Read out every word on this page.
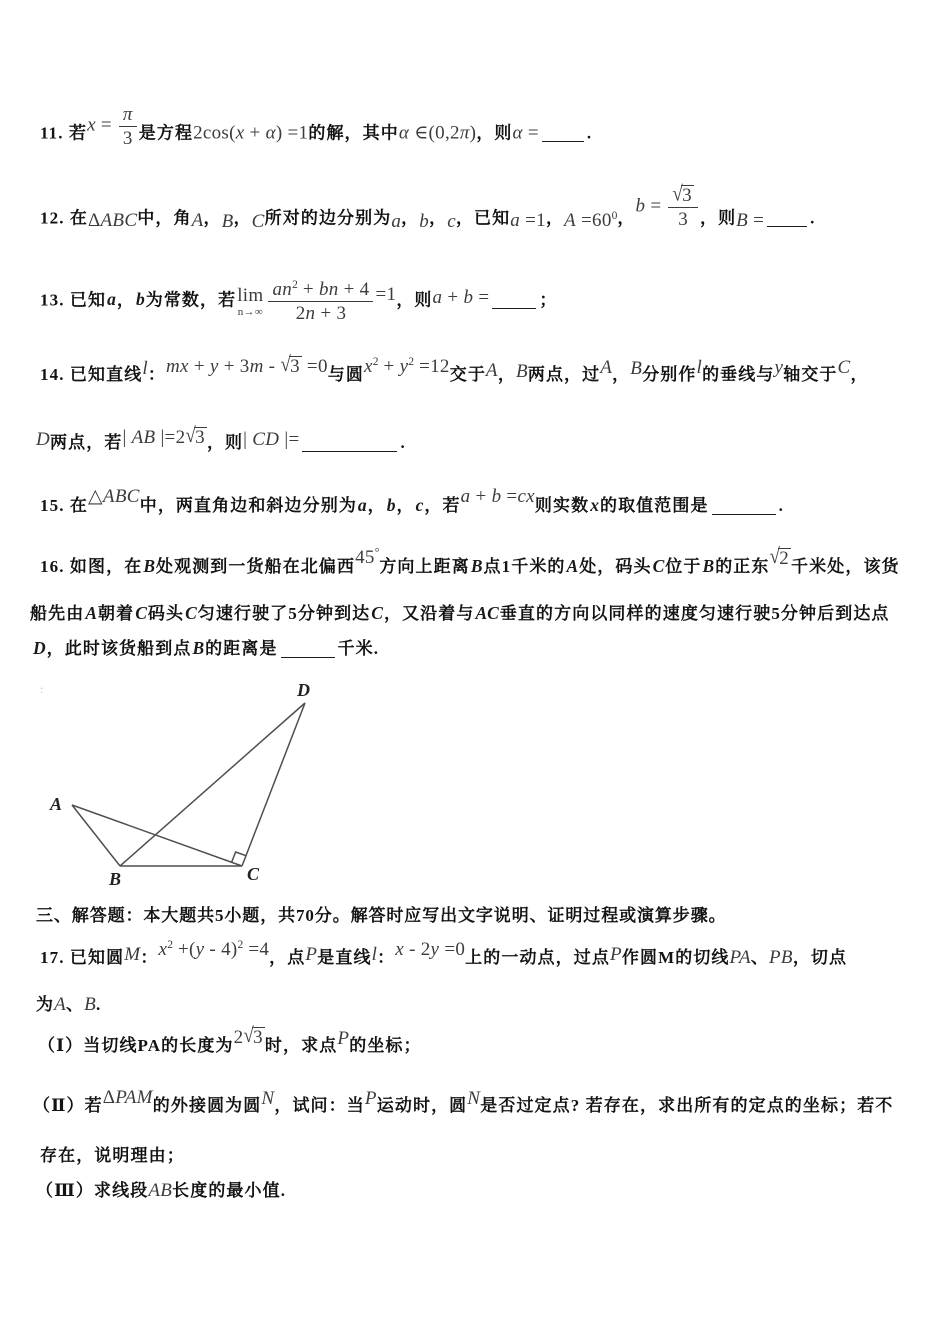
:
11. 若$x = \frac{\pi}{3}$ 是方程2cos(x + α) =1的解，其中α ∈(0,2π)，则α =	.
12. 在ΔABC中，角A，B，C所对的边分别为a，b，c，已知a =1，$A =60^0$，$b = \frac{√3}{3}$ ，则B =	.
13. 已知a，b为常数，若 lim
$n\to\infty \frac{an^2 + bn + 4}{2n + 3} =1$，则a + b =	；
14. 已知直线l：mx + y + 3m - √3 =0与圆$x^2 + y^2 =12$交于A，B两点，过A，B分别作l的垂线与y轴交于C，
D两点，若| AB |=2√3 ，则| CD |=	.
15. 在△ABC中，两直角边和斜边分别为a，b，c，若a + b =cx则实数x的取值范围是	.
16. 如图，在B处观测到一货船在北偏西45°方向上距离B点1千米的A处，码头C位于B的正东√2 千米处，该货
船先由A朝着C码头C匀速行驶了5分钟到达C，又沿着与AC垂直的方向以同样的速度匀速行驶5分钟后到达点
D，此时该货船到点B的距离是	千米.
三、解答题：本大题共5小题，共70分。解答时应写出文字说明、证明过程或演算步骤。
17. 已知圆M：$x^2 +(y - 4)^2 =4$，点P是直线l：x - 2y =0上的一动点，过点P作圆M的切线PA、PB，切点
为A、B.
（Ⅰ）当切线PA的长度为2√3 时，求点P的坐标；
（Ⅱ）若ΔPAM的外接圆为圆N，试问：当P运动时，圆N是否过定点? 若存在，求出所有的定点的坐标；若不
存在，说明理由；
（Ⅲ）求线段AB长度的最小值.
D
A
B	C
